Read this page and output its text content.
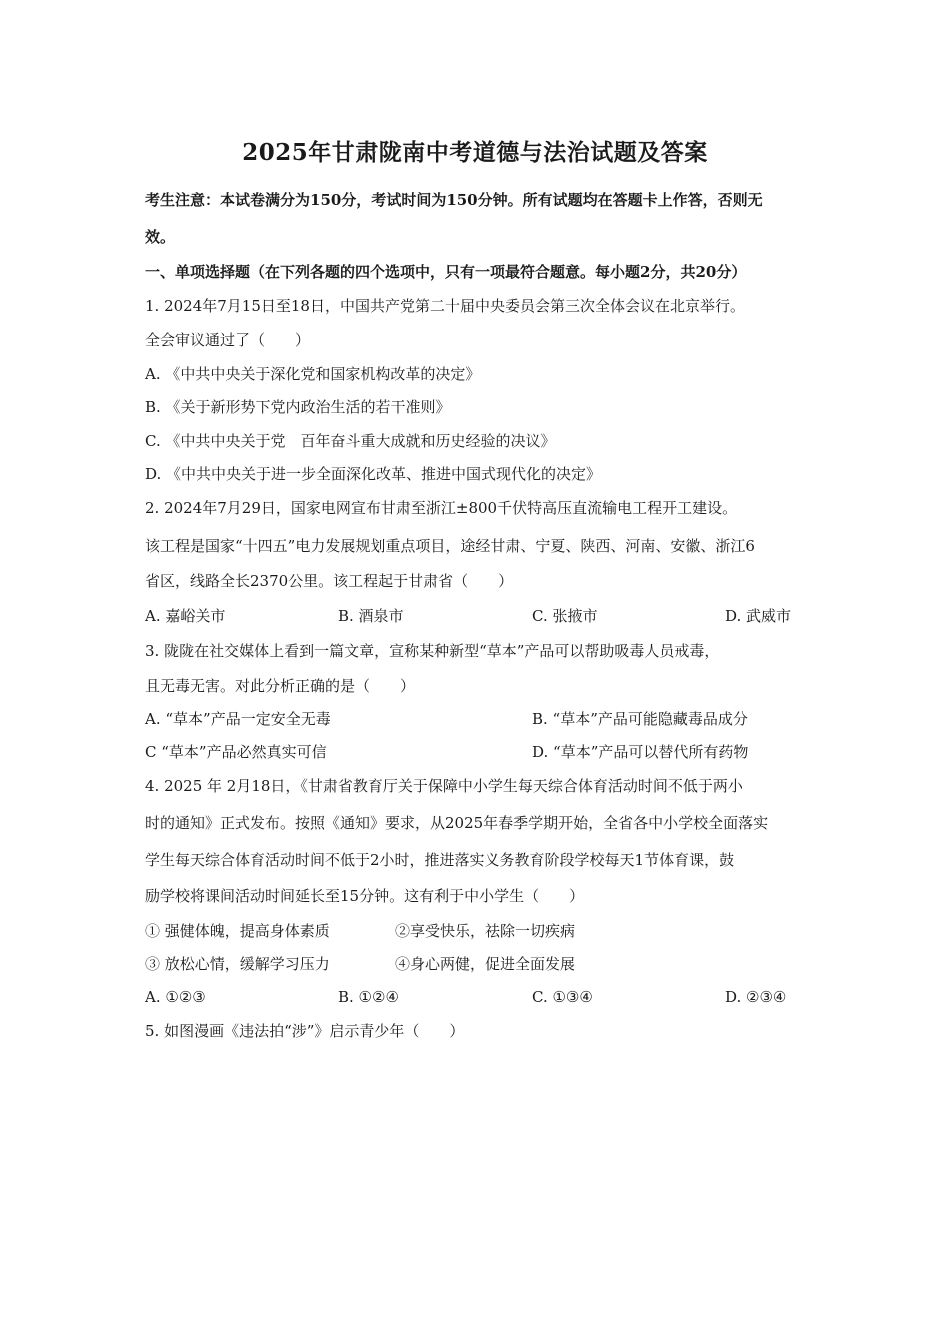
2025年甘肃陇南中考道德与法治试题及答案
考生注意：本试卷满分为150分，考试时间为150分钟。所有试题均在答题卡上作答，否则无
效。
一、单项选择题（在下列各题的四个选项中，只有一项最符合题意。每小题2分，共20分）
1. 2024年7月15日至18日，中国共产党第二十届中央委员会第三次全体会议在北京举行。
全会审议通过了（　　）
A. 《中共中央关于深化党和国家机构改革的决定》
B. 《关于新形势下党内政治生活的若干准则》
C. 《中共中央关于党　百年奋斗重大成就和历史经验的决议》
D. 《中共中央关于进一步全面深化改革、推进中国式现代化的决定》
2. 2024年7月29日，国家电网宣布甘肃至浙江±800千伏特高压直流输电工程开工建设。
该工程是国家“十四五”电力发展规划重点项目，途经甘肃、宁夏、陕西、河南、安徽、浙江6
省区，线路全长2370公里。该工程起于甘肃省（　　）
A. 嘉峪关市	B. 酒泉市	C. 张掖市	D. 武威市
3. 陇陇在社交媒体上看到一篇文章，宣称某种新型“草本”产品可以帮助吸毒人员戒毒，
且无毒无害。对此分析正确的是（　　）
A. “草本”产品一定安全无毒	B. “草本”产品可能隐藏毒品成分
C “草本”产品必然真实可信	D. “草本”产品可以替代所有药物
4. 2025 年 2月18日，《甘肃省教育厅关于保障中小学生每天综合体育活动时间不低于两小
时的通知》正式发布。按照《通知》要求，从2025年春季学期开始，全省各中小学校全面落实
学生每天综合体育活动时间不低于2小时，推进落实义务教育阶段学校每天1节体育课，鼓
励学校将课间活动时间延长至15分钟。这有利于中小学生（　　）
① 强健体魄，提高身体素质	②享受快乐，祛除一切疾病
③ 放松心情，缓解学习压力	④身心两健，促进全面发展
A. ①②③	B. ①②④	C. ①③④	D. ②③④
5. 如图漫画《违法拍“涉”》启示青少年（　　）
